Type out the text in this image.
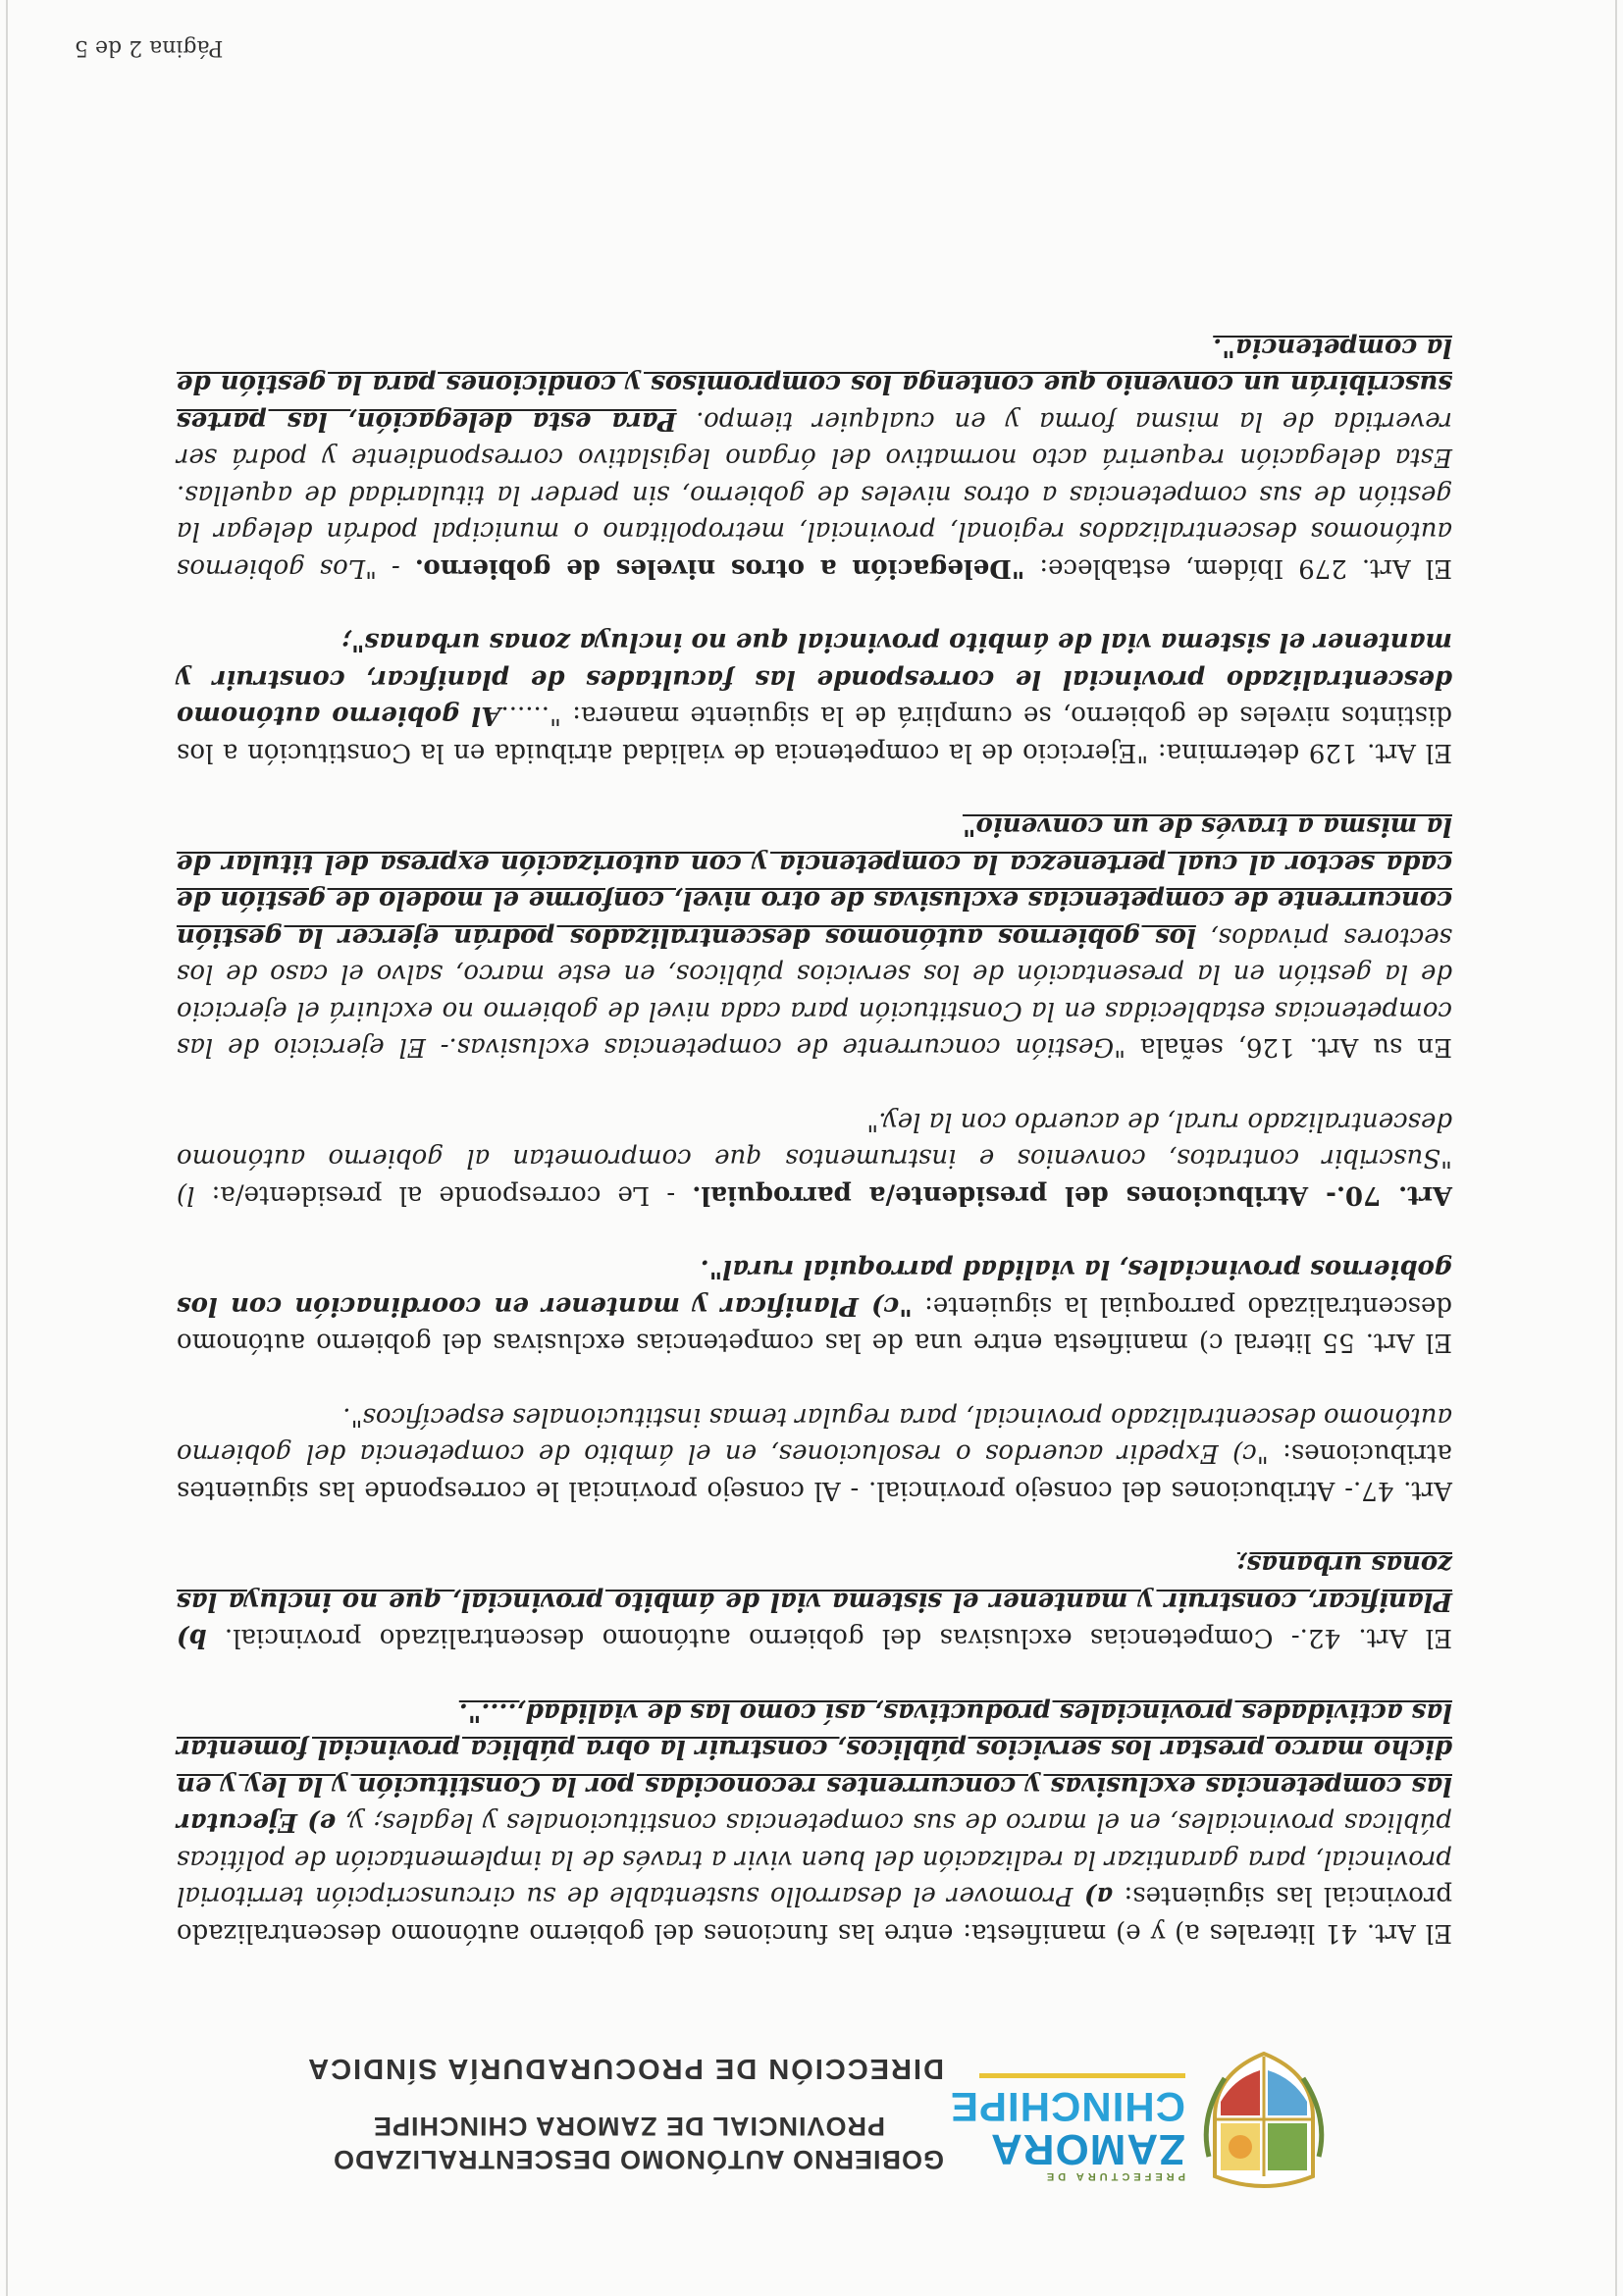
PREFECTURA DE
ZAMORA
CHINCHIPE
GOBIERNO AUTÓNOMO DESCENTRALIZADO
PROVINCIAL DE ZAMORA CHINCHIPE
DIRECCIÓN DE PROCURADURÍA SÍNDICA

El Art. 41 literales a) y e) manifiesta: entre las funciones del gobierno autónomo descentralizado provincial las siguientes: a) Promover el desarrollo sustentable de su circunscripción territorial provincial, para garantizar la realización del buen vivir a través de la implementación de políticas públicas provinciales, en el marco de sus competencias constitucionales y legales; y, e) Ejecutar las competencias exclusivas y concurrentes reconocidas por la Constitución y la ley y en dicho marco prestar los servicios públicos, construir la obra pública provincial fomentar las actividades provinciales productivas, así como las de vialidad,....".

El Art. 42.- Competencias exclusivas del gobierno autónomo descentralizado provincial. b) Planificar, construir y mantener el sistema vial de ámbito provincial, que no incluya las zonas urbanas;

Art. 47.- Atribuciones del consejo provincial. - Al consejo provincial le corresponde las siguientes atribuciones: "c) Expedir acuerdos o resoluciones, en el ámbito de competencia del gobierno autónomo descentralizado provincial, para regular temas institucionales específicos".

El Art. 55 literal c) manifiesta entre una de las competencias exclusivas del gobierno autónomo descentralizado parroquial la siguiente: "c) Planificar y mantener en coordinación con los gobiernos provinciales, la vialidad parroquial rural".

Art. 70.- Atribuciones del presidente/a parroquial. - Le corresponde al presidente/a: l) "Suscribir contratos, convenios e instrumentos que comprometan al gobierno autónomo descentralizado rural, de acuerdo con la ley."

En su Art. 126, señala "Gestión concurrente de competencias exclusivas.- El ejercicio de las competencias establecidas en la Constitución para cada nivel de gobierno no excluirá el ejercicio de la gestión en la presentación de los servicios públicos, en este marco, salvo el caso de los sectores privados, los gobiernos autónomos descentralizados podrán ejercer la gestión concurrente de competencias exclusivas de otro nivel, conforme el modelo de gestión de cada sector al cual pertenezca la competencia y con autorización expresa del titular de la misma a través de un convenio"

El Art. 129 determina: "Ejercicio de la competencia de vialidad atribuida en la Constitución a los distintos niveles de gobierno, se cumplirá de la siguiente manera: "......Al gobierno autónomo descentralizado provincial le corresponde las facultades de planificar, construir y mantener el sistema vial de ámbito provincial que no incluya zonas urbanas";

El Art. 279 Ibídem, establece: "Delegación a otros niveles de gobierno. - "Los gobiernos autónomos descentralizados regional, provincial, metropolitano o municipal podrán delegar la gestión de sus competencias a otros niveles de gobierno, sin perder la titularidad de aquellas. Esta delegación requerirá acto normativo del órgano legislativo correspondiente y podrá ser revertida de la misma forma y en cualquier tiempo. Para esta delegación, las partes suscribirán un convenio que contenga los compromisos y condiciones para la gestión de la competencia".

Página 2 de 5
